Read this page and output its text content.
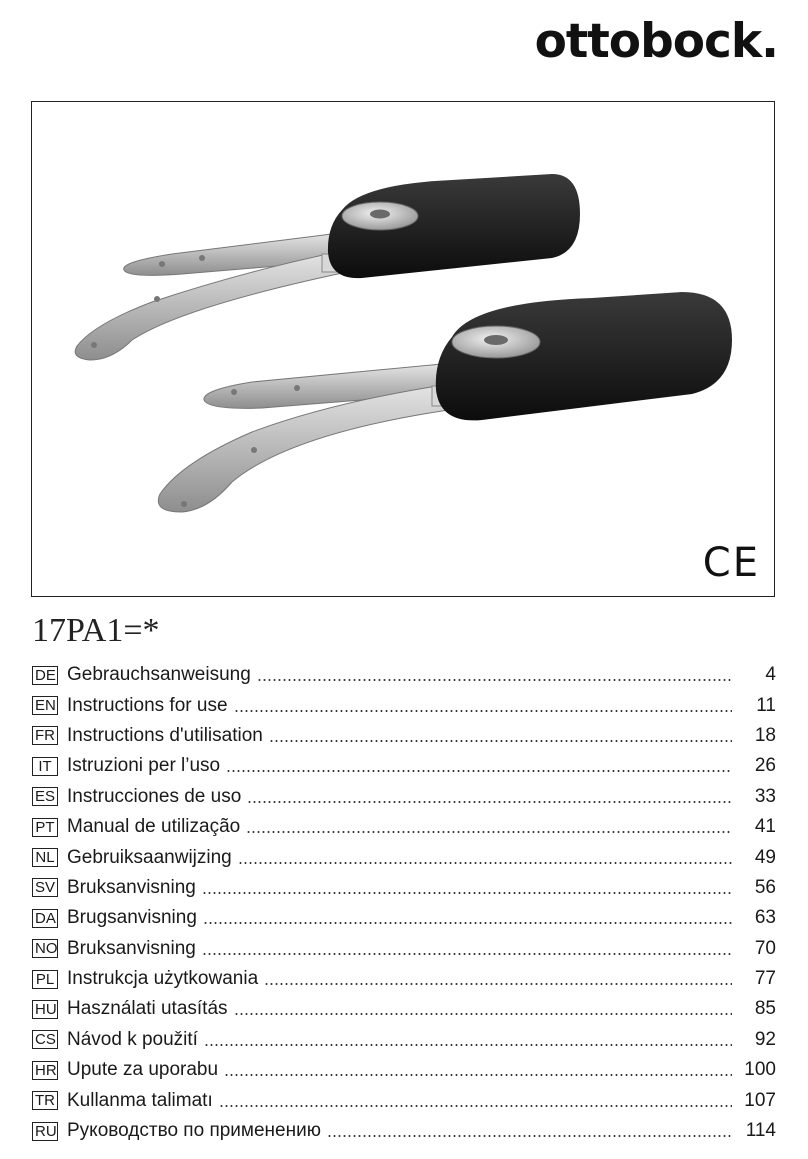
ottobock.
CE
17PA1=*
DE Gebrauchsanweisung	4
EN Instructions for use	11
FR Instructions d'utilisation	18
IT Istruzioni per l’uso	26
ES Instrucciones de uso	33
PT Manual de utilização	41
NL Gebruiksaanwijzing	49
SV Bruksanvisning	56
DA Brugsanvisning	63
NO Bruksanvisning	70
PL Instrukcja użytkowania	77
HU Használati utasítás	85
CS Návod k použití	92
HR Upute za uporabu	100
TR Kullanma talimatı	107
RU Руководство по применению	114
